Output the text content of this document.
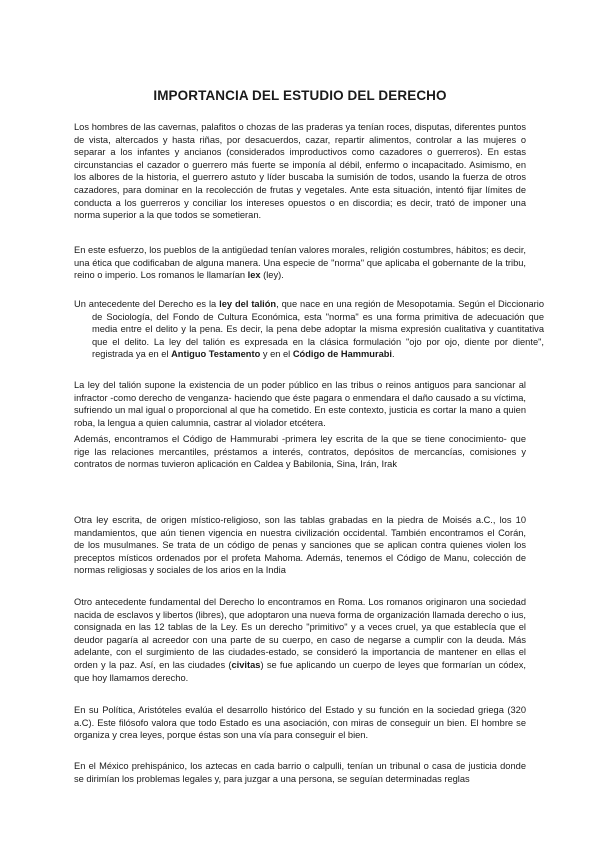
IMPORTANCIA DEL ESTUDIO DEL DERECHO

Los hombres de las cavernas, palafitos o chozas de las praderas ya tenían roces, disputas, diferentes puntos de vista, altercados y hasta riñas, por desacuerdos, cazar, repartir alimentos, controlar a las mujeres o separar a los infantes y ancianos (considerados improductivos como cazadores o guerreros). En estas circunstancias el cazador o guerrero más fuerte se imponía al débil, enfermo o incapacitado. Asimismo, en los albores de la historia, el guerrero astuto y líder buscaba la sumisión de todos, usando la fuerza de otros cazadores, para dominar en la recolección de frutas y vegetales. Ante esta situación, intentó fijar límites de conducta a los guerreros y conciliar los intereses opuestos o en discordia; es decir, trató de imponer una norma superior a la que todos se sometieran.

En este esfuerzo, los pueblos de la antigüedad tenían valores morales, religión costumbres, hábitos; es decir, una ética que codificaban de alguna manera. Una especie de "norma" que aplicaba el gobernante de la tribu, reino o imperio. Los romanos le llamarían lex (ley).

Un antecedente del Derecho es la ley del talión, que nace en una región de Mesopotamia. Según el Diccionario de Sociología, del Fondo de Cultura Económica, esta "norma" es una forma primitiva de adecuación que media entre el delito y la pena. Es decir, la pena debe adoptar la misma expresión cualitativa y cuantitativa que el delito. La ley del talión es expresada en la clásica formulación "ojo por ojo, diente por diente", registrada ya en el Antiguo Testamento y en el Código de Hammurabi.

La ley del talión supone la existencia de un poder público en las tribus o reinos antiguos para sancionar al infractor -como derecho de venganza- haciendo que éste pagara o enmendara el daño causado a su víctima, sufriendo un mal igual o proporcional al que ha cometido. En este contexto, justicia es cortar la mano a quien roba, la lengua a quien calumnia, castrar al violador etcétera.

Además, encontramos el Código de Hammurabi -primera ley escrita de la que se tiene conocimiento- que rige las relaciones mercantiles, préstamos a interés, contratos, depósitos de mercancías, comisiones y contratos de normas tuvieron aplicación en Caldea y Babilonia, Sina, Irán, Irak

Otra ley escrita, de origen místico-religioso, son las tablas grabadas en la piedra de Moisés a.C., los 10 mandamientos, que aún tienen vigencia en nuestra civilización occidental. También encontramos el Corán, de los musulmanes. Se trata de un código de penas y sanciones que se aplican contra quienes violen los preceptos místicos ordenados por el profeta Mahoma. Además, tenemos el Código de Manu, colección de normas religiosas y sociales de los arios en la India

Otro antecedente fundamental del Derecho lo encontramos en Roma. Los romanos originaron una sociedad nacida de esclavos y libertos (libres), que adoptaron una nueva forma de organización llamada derecho o ius, consignada en las 12 tablas de la Ley. Es un derecho "primitivo" y a veces cruel, ya que establecía que el deudor pagaría al acreedor con una parte de su cuerpo, en caso de negarse a cumplir con la deuda. Más adelante, con el surgimiento de las ciudades-estado, se consideró la importancia de mantener en ellas el orden y la paz. Así, en las ciudades (civitas) se fue aplicando un cuerpo de leyes que formarían un códex, que hoy llamamos derecho.

En su Política, Aristóteles evalúa el desarrollo histórico del Estado y su función en la sociedad griega (320 a.C). Este filósofo valora que todo Estado es una asociación, con miras de conseguir un bien. El hombre se organiza y crea leyes, porque éstas son una vía para conseguir el bien.

En el México prehispánico, los aztecas en cada barrio o calpulli, tenían un tribunal o casa de justicia donde se dirimían los problemas legales y, para juzgar a una persona, se seguían determinadas reglas
